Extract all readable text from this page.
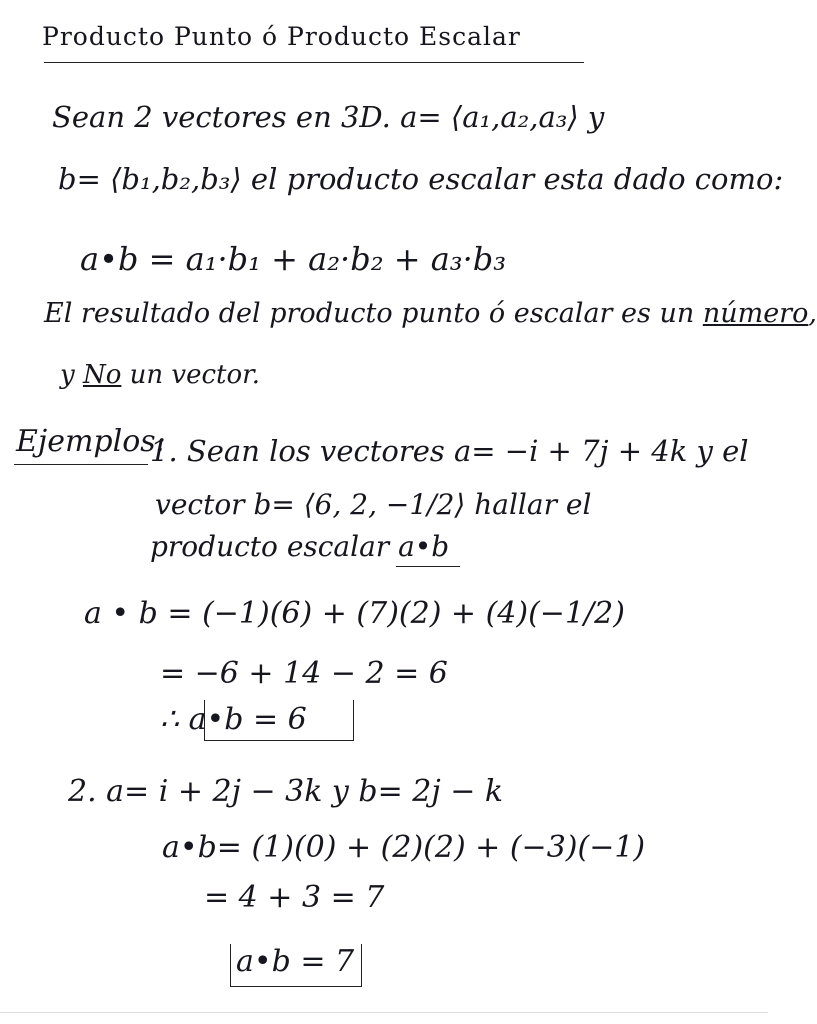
Producto Punto ó Producto Escalar
Sean 2 vectores en 3D. a= ⟨a₁,a₂,a₃⟩ y
b= ⟨b₁,b₂,b₃⟩ el producto escalar esta dado como:
a•b = a₁·b₁ + a₂·b₂ + a₃·b₃
El resultado del producto punto ó escalar es un número,
y No un vector.
Ejemplos:
1. Sean los vectores a= −i + 7j + 4k y el
vector b= ⟨6, 2, −1/2⟩ hallar el
producto escalar a•b
a • b = (−1)(6) + (7)(2) + (4)(−1/2)
= −6 + 14 − 2 = 6
∴ a•b = 6
2. a= i + 2j − 3k y b= 2j − k
a•b= (1)(0) + (2)(2) + (−3)(−1)
= 4 + 3 = 7
a•b = 7
